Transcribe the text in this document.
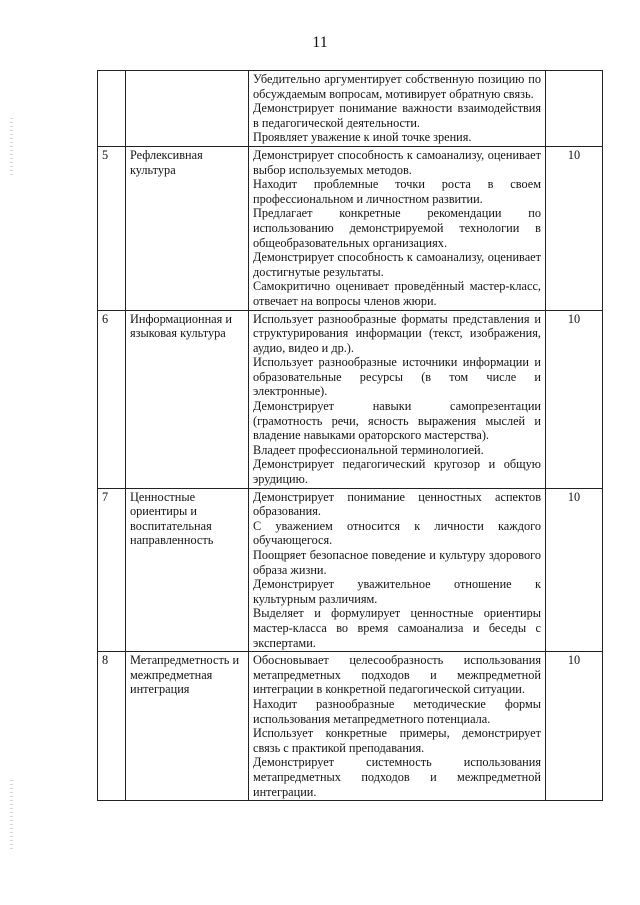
11

		Убедительно аргументирует собственную позицию по обсуждаемым вопросам, мотивирует обратную связь.

Демонстрирует понимание важности взаимодействия в педагогической деятельности.

Проявляет уважение к иной точке зрения.	

5	Рефлексивная культура	Демонстрирует способность к самоанализу, оценивает выбор используемых методов.

Находит проблемные точки роста в своем профессиональном и личностном развитии.

Предлагает конкретные рекомендации по использованию демонстрируемой технологии в общеобразовательных организациях.

Демонстрирует способность к самоанализу, оценивает достигнутые результаты.

Самокритично оценивает проведённый мастер-класс, отвечает на вопросы членов жюри.	10
6	Информационная и языковая культура	Использует разнообразные форматы представления и структурирования информации (текст, изображения, аудио, видео и др.).

Использует разнообразные источники информации и образовательные ресурсы (в том числе и электронные).

Демонстрирует навыки самопрезентации (грамотность речи, ясность выражения мыслей и владение навыками ораторского мастерства).

Владеет профессиональной терминологией.

Демонстрирует педагогический кругозор и общую эрудицию.	10
7	Ценностные ориентиры и воспитательная направленность	Демонстрирует понимание ценностных аспектов образования.

С уважением относится к личности каждого обучающегося.

Поощряет безопасное поведение и культуру здорового образа жизни.

Демонстрирует уважительное отношение к культурным различиям.

Выделяет и формулирует ценностные ориентиры мастер-класса во время самоанализа и беседы с экспертами.	10
8	Метапредметность и межпредметная интеграция	Обосновывает целесообразность использования метапредметных подходов и межпредметной интеграции в конкретной педагогической ситуации.

Находит разнообразные методические формы использования метапредметного потенциала.

Использует конкретные примеры, демонстрирует связь с практикой преподавания.

Демонстрирует системность использования метапредметных подходов и межпредметной интеграции.	10
